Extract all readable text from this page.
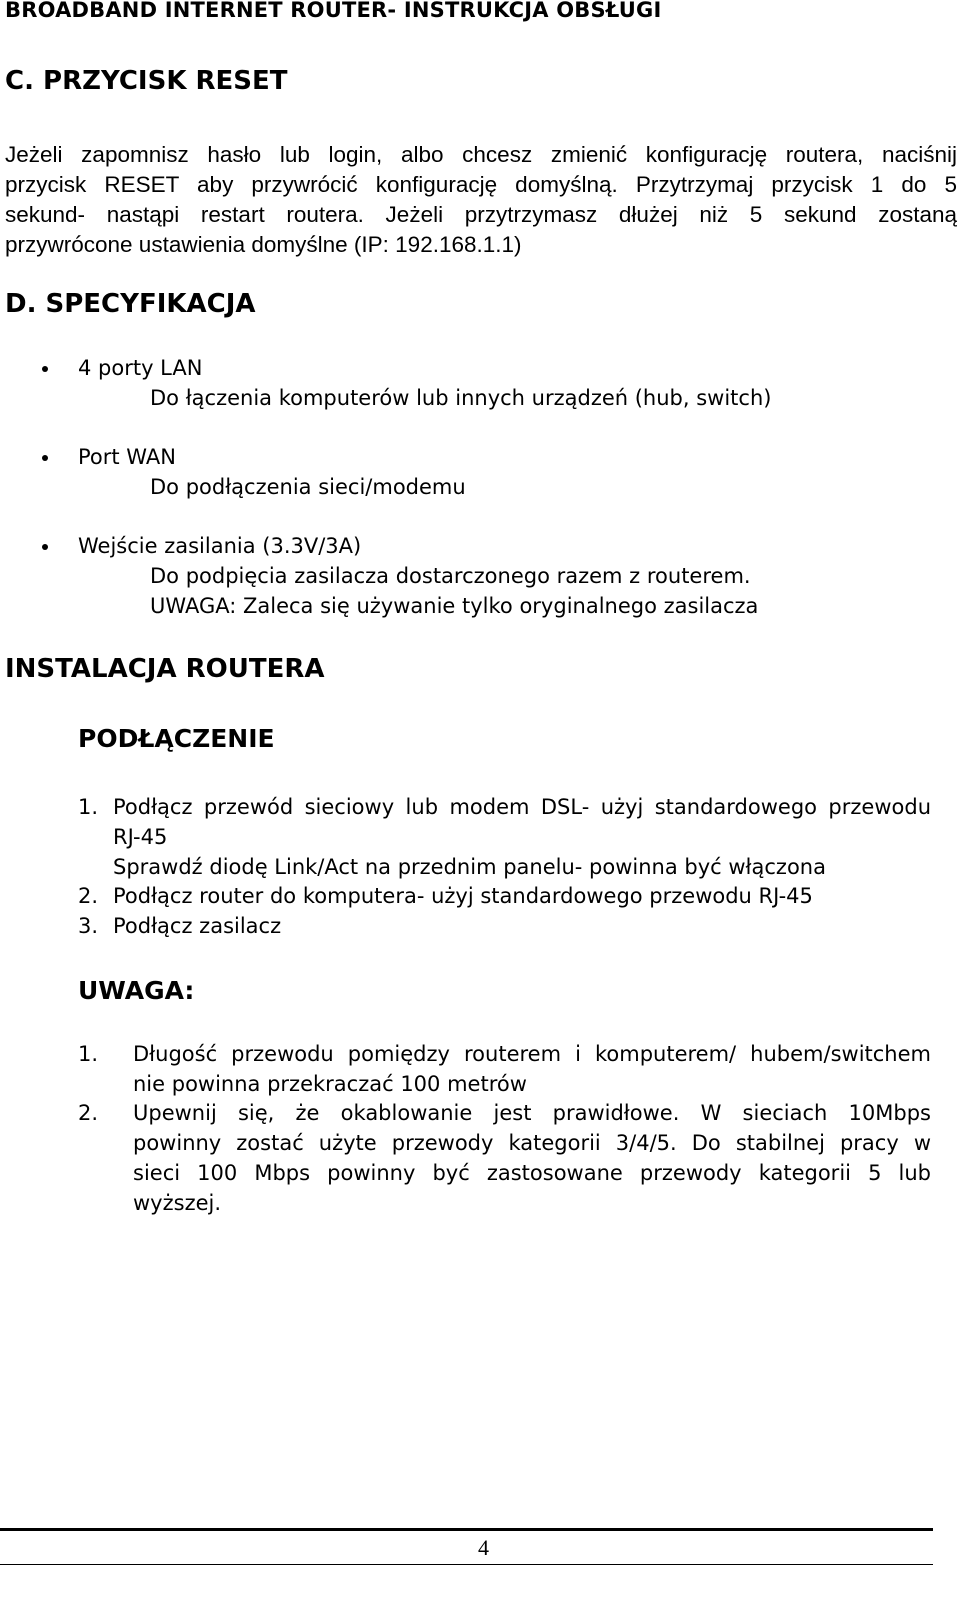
BROADBAND INTERNET ROUTER- INSTRUKCJA OBSŁUGI
C. PRZYCISK RESET

Jeżeli zapomnisz hasło lub login, albo chcesz zmienić konfigurację routera, naciśnij

przycisk RESET aby przywrócić konfigurację domyślną. Przytrzymaj przycisk 1 do 5

sekund- nastąpi restart routera. Jeżeli przytrzymasz dłużej niż 5 sekund zostaną

przywrócone ustawienia domyślne (IP: 192.168.1.1)

D. SPECYFIKACJA
4 porty LAN
Do łączenia komputerów lub innych urządzeń (hub, switch)
Port WAN
Do podłączenia sieci/modemu
Wejście zasilania (3.3V/3A)
Do podpięcia zasilacza dostarczonego razem z routerem.
UWAGA: Zaleca się używanie tylko oryginalnego zasilacza
INSTALACJA ROUTERA
PODŁĄCZENIE
1. Podłącz przewód sieciowy lub modem DSL- użyj standardowego przewodu
RJ-45
Sprawdź diodę Link/Act na przednim panelu- powinna być włączona
2. Podłącz router do komputera- użyj standardowego przewodu RJ-45
3. Podłącz zasilacz
UWAGA:
1. Długość przewodu pomiędzy routerem i komputerem/ hubem/switchem
nie powinna przekraczać 100 metrów
2. Upewnij się, że okablowanie jest prawidłowe. W sieciach 10Mbps
powinny zostać użyte przewody kategorii 3/4/5. Do stabilnej pracy w
sieci 100 Mbps powinny być zastosowane przewody kategorii 5 lub
wyższej.
4
